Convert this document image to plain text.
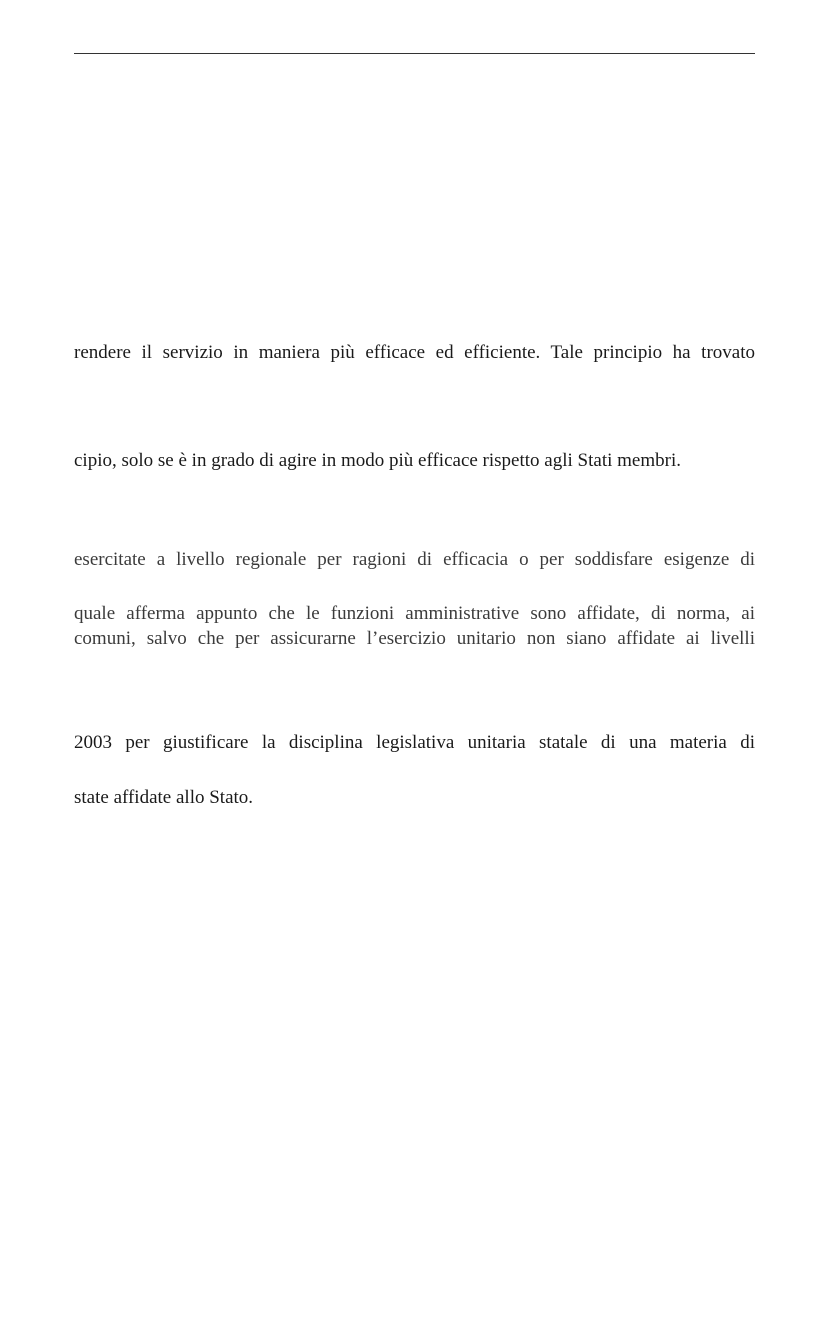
rendere il servizio in maniera più efficace ed efficiente. Tale principio ha trovato
cipio, solo se è in grado di agire in modo più efficace rispetto agli Stati membri.
esercitate a livello regionale per ragioni di efficacia o per soddisfare esigenze di
quale afferma appunto che le funzioni amministrative sono affidate, di norma, ai
comuni, salvo che per assicurarne l’esercizio unitario non siano affidate ai livelli
2003 per giustificare la disciplina legislativa unitaria statale di una materia di
state affidate allo Stato.
